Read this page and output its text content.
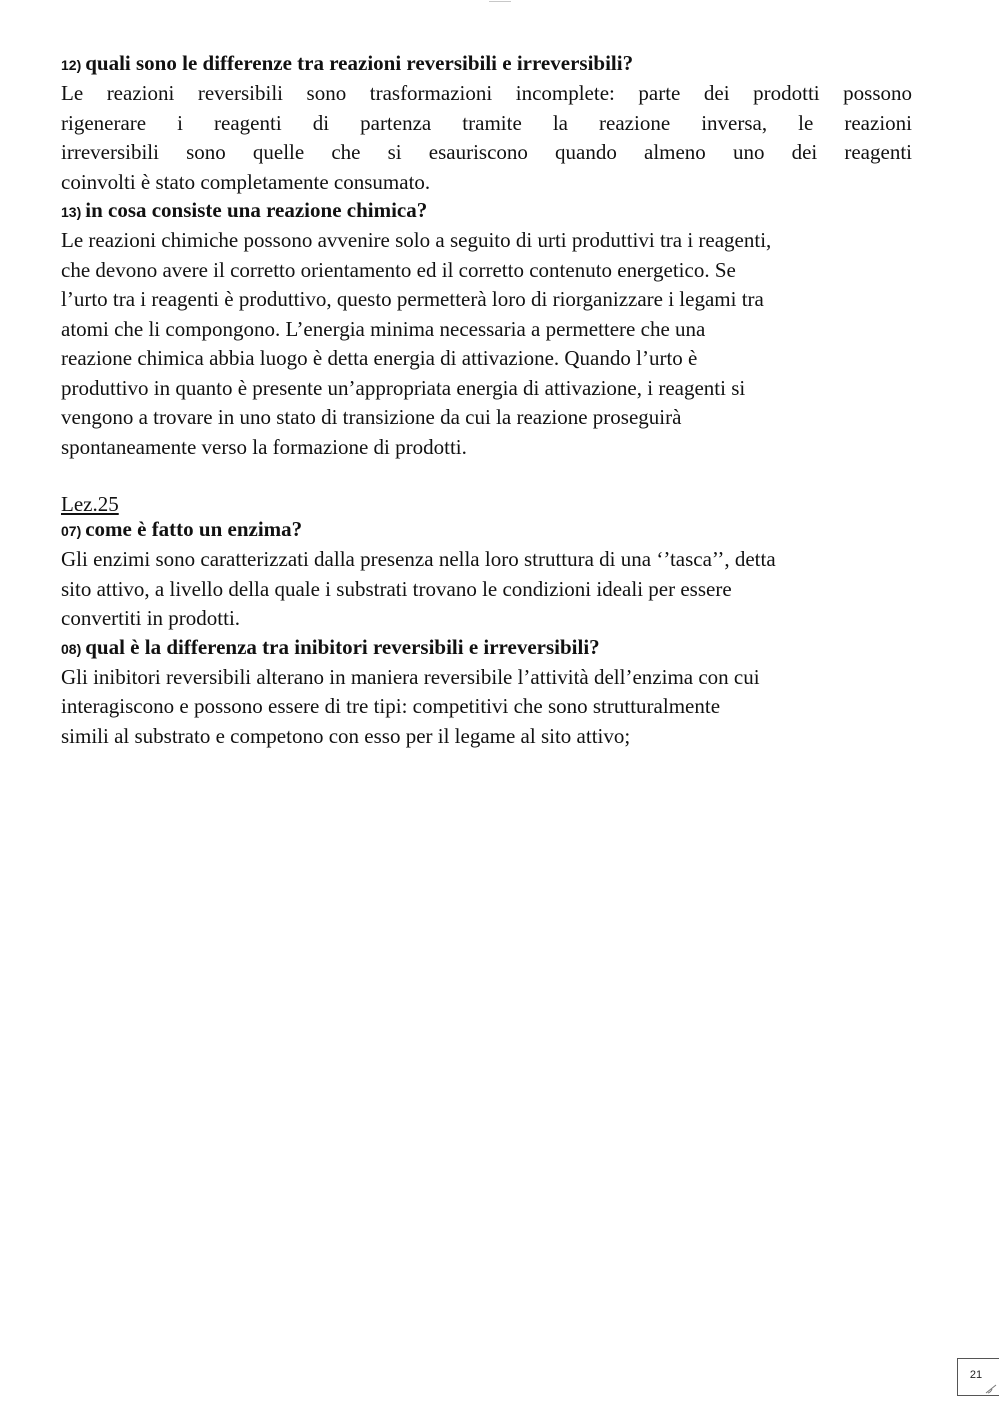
12) quali sono le differenze tra reazioni reversibili e irreversibili?

Le reazioni reversibili sono trasformazioni incomplete: parte dei prodotti possono
rigenerare i reagenti di partenza tramite la reazione inversa, le reazioni
irreversibili sono quelle che si esauriscono quando almeno uno dei reagenti
coinvolti è stato completamente consumato.

13) in cosa consiste una reazione chimica?

Le reazioni chimiche possono avvenire solo a seguito di urti produttivi tra i reagenti,
che devono avere il corretto orientamento ed il corretto contenuto energetico. Se
l’urto tra i reagenti è produttivo, questo permetterà loro di riorganizzare i legami tra
atomi che li compongono. L’energia minima necessaria a permettere che una
reazione chimica abbia luogo è detta energia di attivazione. Quando l’urto è
produttivo in quanto è presente un’appropriata energia di attivazione, i reagenti si
vengono a trovare in uno stato di transizione da cui la reazione proseguirà
spontaneamente verso la formazione di prodotti.

Lez.25

07) come è fatto un enzima?

Gli enzimi sono caratterizzati dalla presenza nella loro struttura di una ‘’tasca’’, detta
sito attivo, a livello della quale i substrati trovano le condizioni ideali per essere
convertiti in prodotti.

08) qual è la differenza tra inibitori reversibili e irreversibili?

Gli inibitori reversibili alterano in maniera reversibile l’attività dell’enzima con cui
interagiscono e possono essere di tre tipi: competitivi che sono strutturalmente
simili al substrato e competono con esso per il legame al sito attivo;
21
